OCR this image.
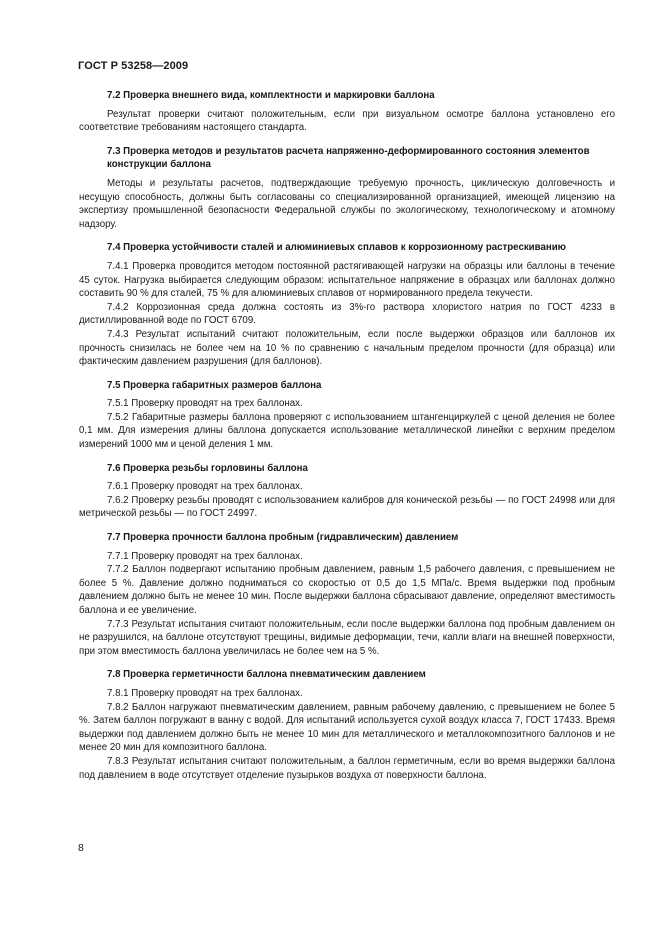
ГОСТ Р 53258—2009

7.2 Проверка внешнего вида, комплектности и маркировки баллона

Результат проверки считают положительным, если при визуальном осмотре баллона установлено его соответствие требованиям настоящего стандарта.

7.3 Проверка методов и результатов расчета напряженно-деформированного состояния элементов конструкции баллона

Методы и результаты расчетов, подтверждающие требуемую прочность, циклическую долговечность и несущую способность, должны быть согласованы со специализированной организацией, имеющей лицензию на экспертизу промышленной безопасности Федеральной службы по экологическому, технологическому и атомному надзору.

7.4 Проверка устойчивости сталей и алюминиевых сплавов к коррозионному растрескиванию

7.4.1 Проверка проводится методом постоянной растягивающей нагрузки на образцы или баллоны в течение 45 суток. Нагрузка выбирается следующим образом: испытательное напряжение в образцах или баллонах должно составить 90 % для сталей, 75 % для алюминиевых сплавов от нормированного предела текучести.

7.4.2 Коррозионная среда должна состоять из 3%-го раствора хлористого натрия по ГОСТ 4233 в дистиллированной воде по ГОСТ 6709.

7.4.3 Результат испытаний считают положительным, если после выдержки образцов или баллонов их прочность снизилась не более чем на 10 % по сравнению с начальным пределом прочности (для образца) или фактическим давлением разрушения (для баллонов).

7.5 Проверка габаритных размеров баллона

7.5.1 Проверку проводят на трех баллонах.

7.5.2 Габаритные размеры баллона проверяют с использованием штангенциркулей с ценой деления не более 0,1 мм. Для измерения длины баллона допускается использование металлической линейки с верхним пределом измерений 1000 мм и ценой деления 1 мм.

7.6 Проверка резьбы горловины баллона

7.6.1 Проверку проводят на трех баллонах.

7.6.2 Проверку резьбы проводят с использованием калибров для конической резьбы — по ГОСТ 24998 или для метрической резьбы — по ГОСТ 24997.

7.7 Проверка прочности баллона пробным (гидравлическим) давлением

7.7.1 Проверку проводят на трех баллонах.

7.7.2 Баллон подвергают испытанию пробным давлением, равным 1,5 рабочего давления, с превышением не более 5 %. Давление должно подниматься со скоростью от 0,5 до 1,5 МПа/с. Время выдержки под пробным давлением должно быть не менее 10 мин. После выдержки баллона сбрасывают давление, определяют вместимость баллона и ее увеличение.

7.7.3 Результат испытания считают положительным, если после выдержки баллона под пробным давлением он не разрушился, на баллоне отсутствуют трещины, видимые деформации, течи, капли влаги на внешней поверхности, при этом вместимость баллона увеличилась не более чем на 5 %.

7.8 Проверка герметичности баллона пневматическим давлением

7.8.1 Проверку проводят на трех баллонах.

7.8.2 Баллон нагружают пневматическим давлением, равным рабочему давлению, с превышением не более 5 %. Затем баллон погружают в ванну с водой. Для испытаний используется сухой воздух класса 7, ГОСТ 17433. Время выдержки под давлением должно быть не менее 10 мин для металлического и металлокомпозитного баллонов и не менее 20 мин для композитного баллона.

7.8.3 Результат испытания считают положительным, а баллон герметичным, если во время выдержки баллона под давлением в воде отсутствует отделение пузырьков воздуха от поверхности баллона.

8
